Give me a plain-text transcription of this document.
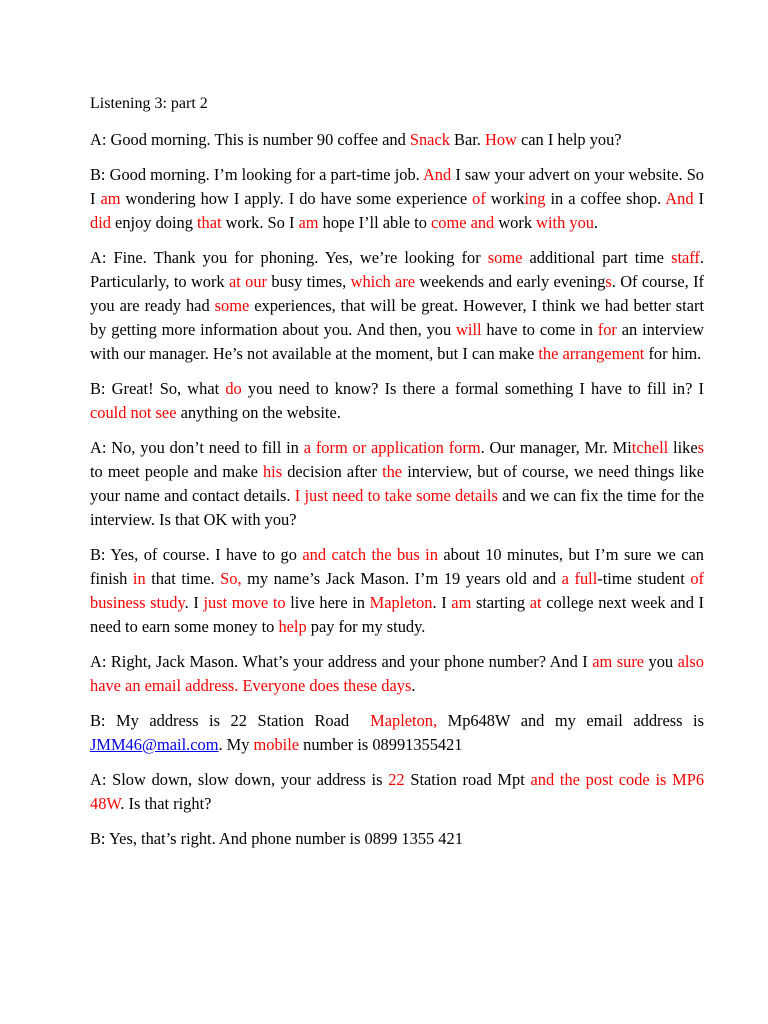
Listening 3: part 2

A: Good morning. This is number 90 coffee and Snack Bar. How can I help you?

B: Good morning. I’m looking for a part-time job. And I saw your advert on your website. So I am wondering how I apply. I do have some experience of working in a coffee shop. And I did enjoy doing that work. So I am hope I’ll able to come and work with you.

A: Fine. Thank you for phoning. Yes, we’re looking for some additional part time staff. Particularly, to work at our busy times, which are weekends and early evenings. Of course, If you are ready had some experiences, that will be great. However, I think we had better start by getting more information about you. And then, you will have to come in for an interview with our manager. He’s not available at the moment, but I can make the arrangement for him.

B: Great! So, what do you need to know? Is there a formal something I have to fill in? I could not see anything on the website.

A: No, you don’t need to fill in a form or application form. Our manager, Mr. Mitchell likes to meet people and make his decision after the interview, but of course, we need things like your name and contact details. I just need to take some details and we can fix the time for the interview. Is that OK with you?

B: Yes, of course. I have to go and catch the bus in about 10 minutes, but I’m sure we can finish in that time. So, my name’s Jack Mason. I’m 19 years old and a full-time student of business study. I just move to live here in Mapleton. I am starting at college next week and I need to earn some money to help pay for my study.

A: Right, Jack Mason. What’s your address and your phone number? And I am sure you also have an email address. Everyone does these days.

B: My address is 22 Station Road  Mapleton, Mp648W and my email address is JMM46@mail.com. My mobile number is 08991355421

A: Slow down, slow down, your address is 22 Station road Mpt and the post code is MP6 48W. Is that right?

B: Yes, that’s right. And phone number is 0899 1355 421
